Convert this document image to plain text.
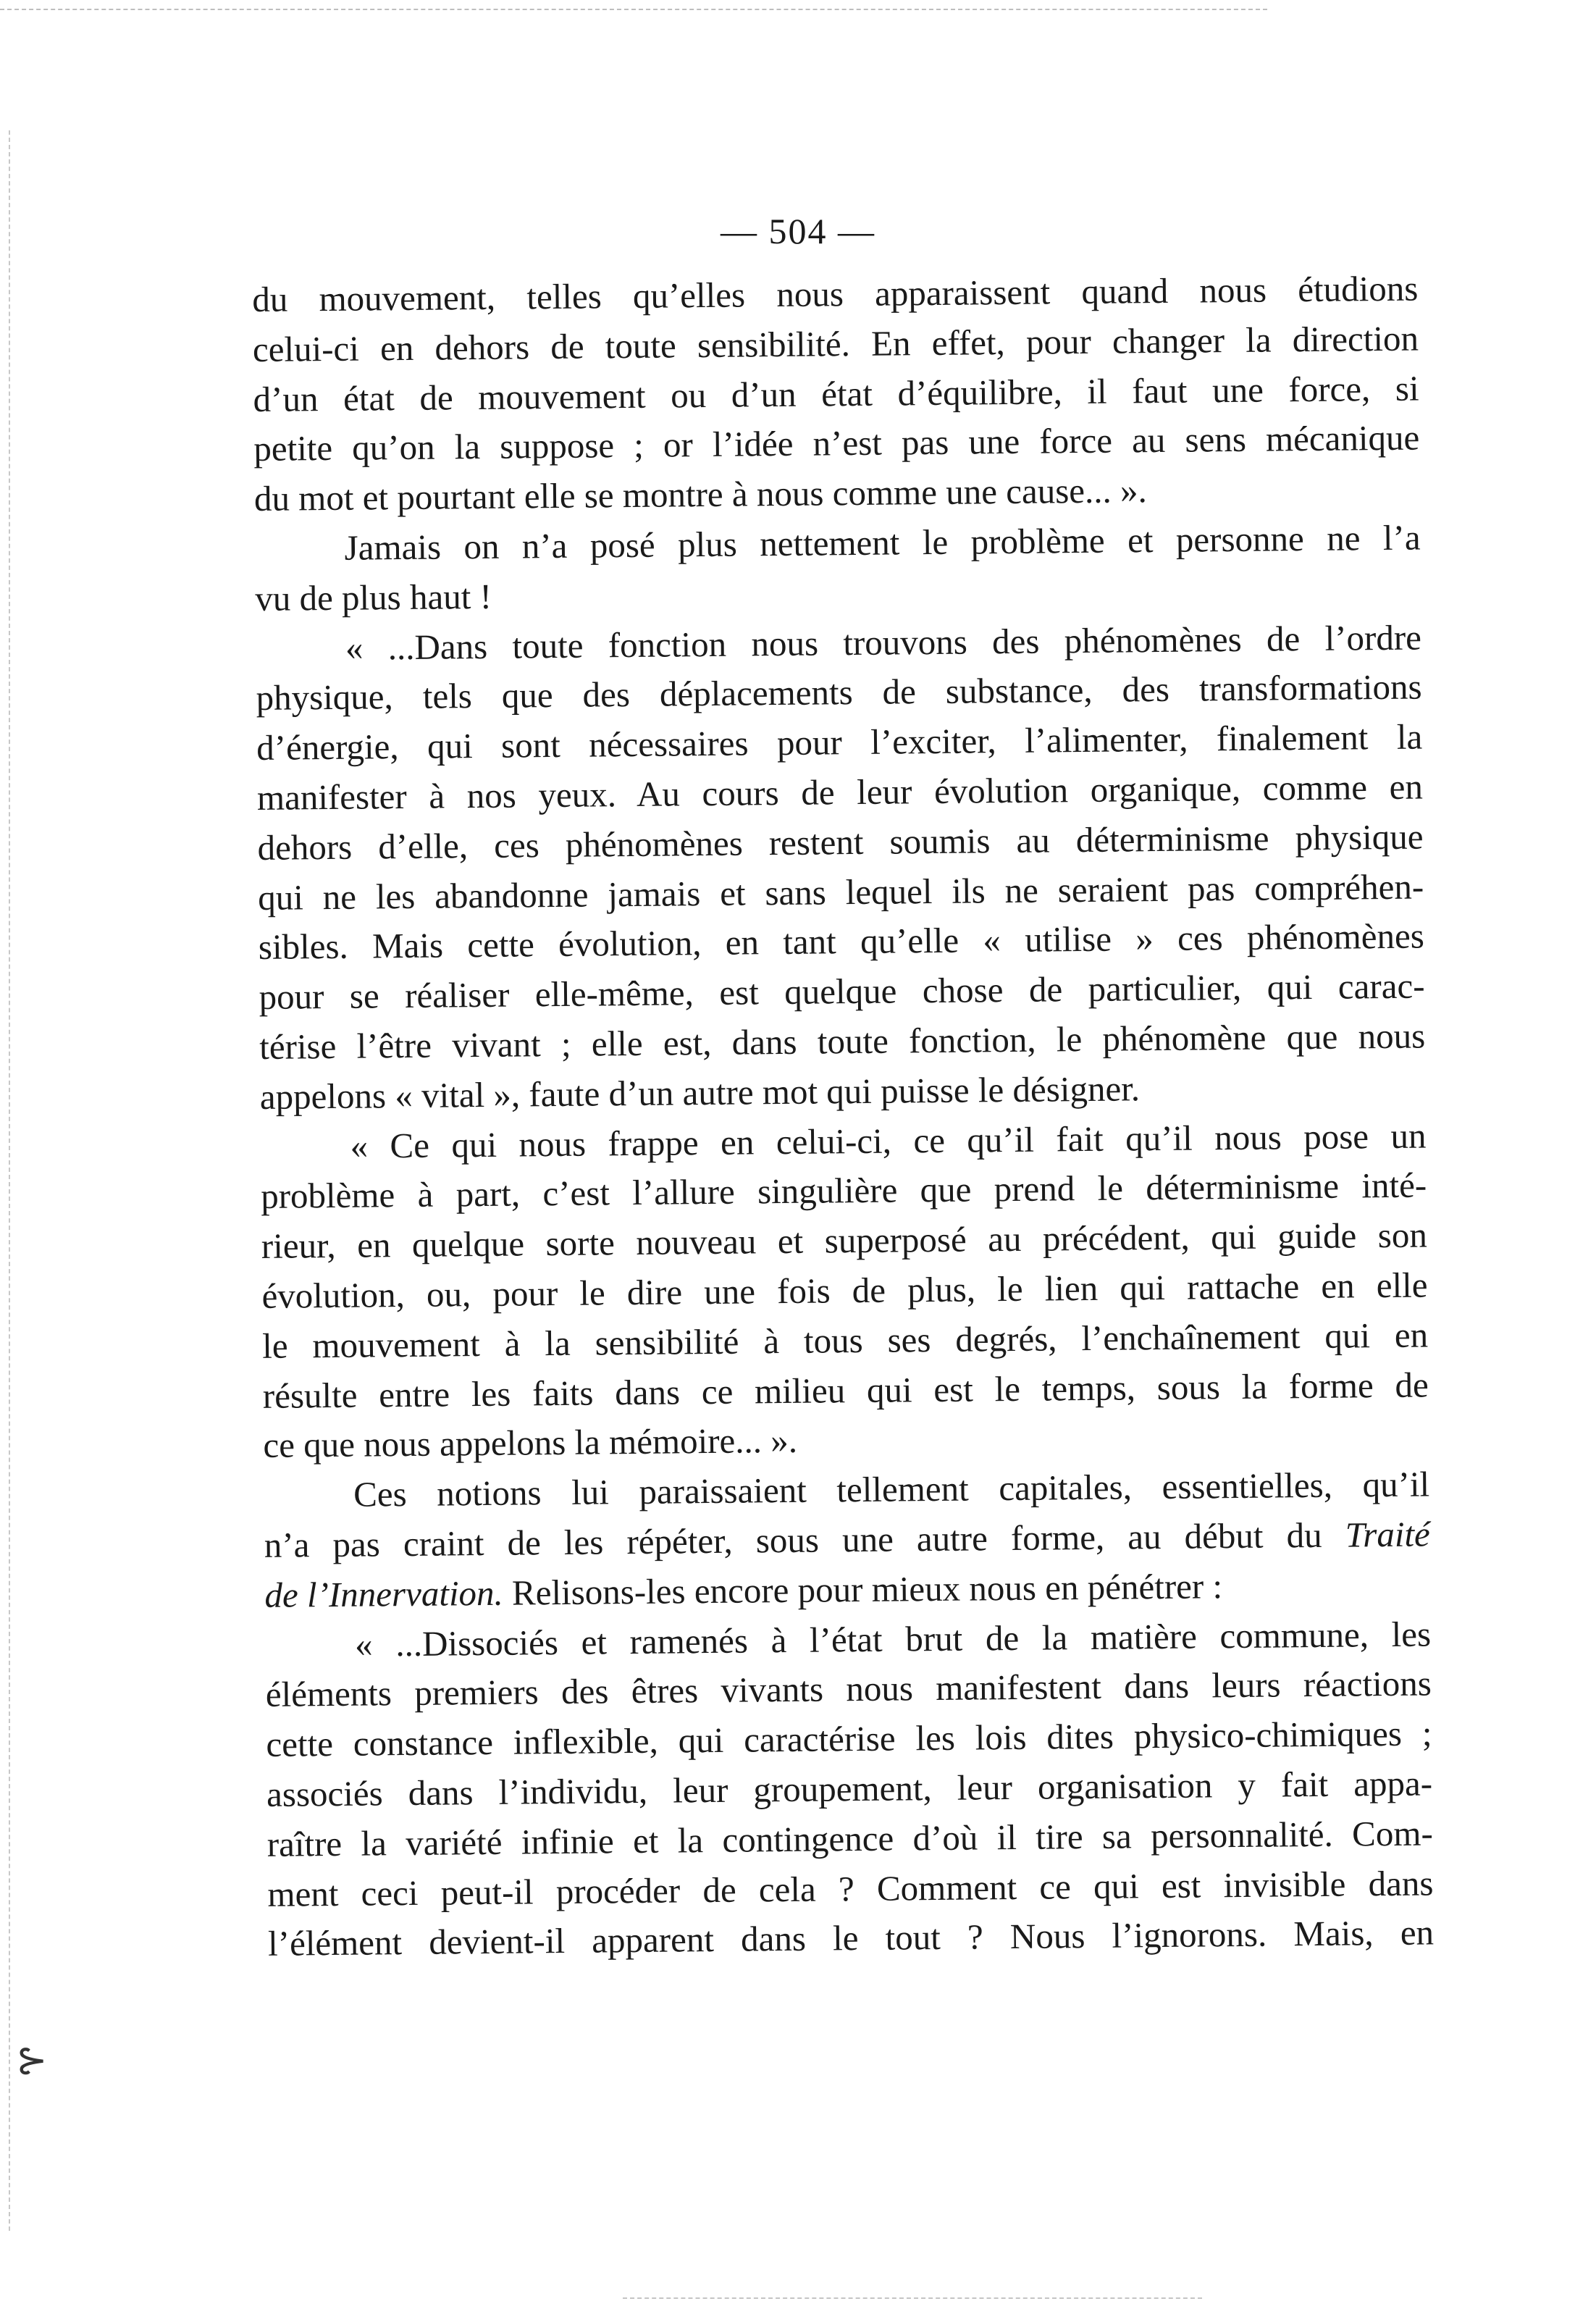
⊱
— 504 —
du mouvement, telles qu’elles nous apparaissent quand nous étudions
celui-ci en dehors de toute sensibilité. En effet, pour changer la direction
d’un état de mouvement ou d’un état d’équilibre, il faut une force, si
petite qu’on la suppose ; or l’idée n’est pas une force au sens mécanique
du mot et pourtant elle se montre à nous comme une cause... ».
Jamais on n’a posé plus nettement le problème et personne ne l’a
vu de plus haut !
« ...Dans toute fonction nous trouvons des phénomènes de l’ordre
physique, tels que des déplacements de substance, des transformations
d’énergie, qui sont nécessaires pour l’exciter, l’alimenter, finalement la
manifester à nos yeux. Au cours de leur évolution organique, comme en
dehors d’elle, ces phénomènes restent soumis au déterminisme physique
qui ne les abandonne jamais et sans lequel ils ne seraient pas compréhen-
sibles. Mais cette évolution, en tant qu’elle « utilise » ces phénomènes
pour se réaliser elle-même, est quelque chose de particulier, qui carac-
térise l’être vivant ; elle est, dans toute fonction, le phénomène que nous
appelons « vital », faute d’un autre mot qui puisse le désigner.
« Ce qui nous frappe en celui-ci, ce qu’il fait qu’il nous pose un
problème à part, c’est l’allure singulière que prend le déterminisme inté-
rieur, en quelque sorte nouveau et superposé au précédent, qui guide son
évolution, ou, pour le dire une fois de plus, le lien qui rattache en elle
le mouvement à la sensibilité à tous ses degrés, l’enchaînement qui en
résulte entre les faits dans ce milieu qui est le temps, sous la forme de
ce que nous appelons la mémoire... ».
Ces notions lui paraissaient tellement capitales, essentielles, qu’il
n’a pas craint de les répéter, sous une autre forme, au début du Traité
de l’Innervation. Relisons-les encore pour mieux nous en pénétrer :
« ...Dissociés et ramenés à l’état brut de la matière commune, les
éléments premiers des êtres vivants nous manifestent dans leurs réactions
cette constance inflexible, qui caractérise les lois dites physico-chimiques ;
associés dans l’individu, leur groupement, leur organisation y fait appa-
raître la variété infinie et la contingence d’où il tire sa personnalité. Com-
ment ceci peut-il procéder de cela ? Comment ce qui est invisible dans
l’élément devient-il apparent dans le tout ? Nous l’ignorons. Mais, en
